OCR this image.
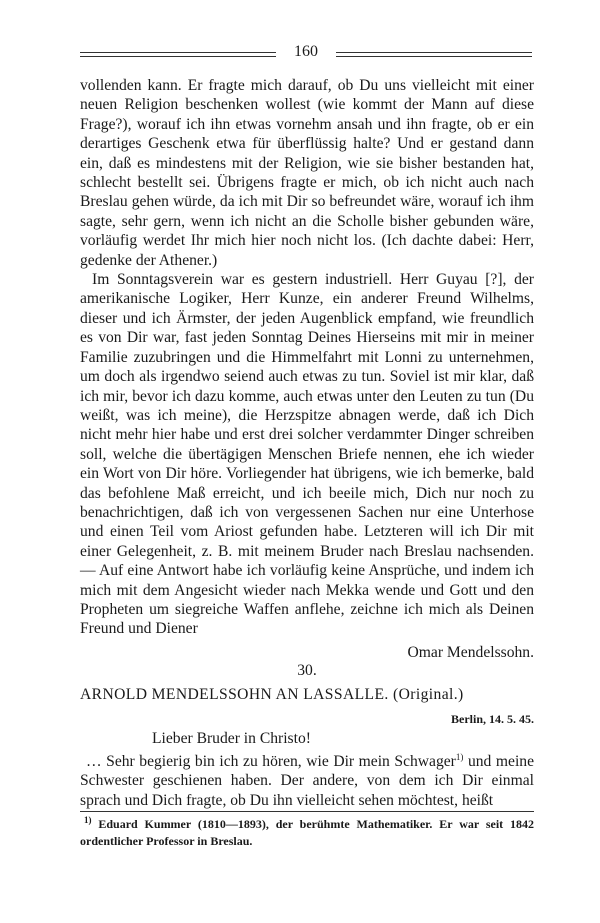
160

vollenden kann. Er fragte mich darauf, ob Du uns vielleicht mit einer neuen Religion beschenken wollest (wie kommt der Mann auf diese Frage?), worauf ich ihn etwas vornehm ansah und ihn fragte, ob er ein derartiges Geschenk etwa für überflüssig halte? Und er gestand dann ein, daß es mindestens mit der Religion, wie sie bisher bestanden hat, schlecht bestellt sei. Übrigens fragte er mich, ob ich nicht auch nach Breslau gehen würde, da ich mit Dir so befreundet wäre, worauf ich ihm sagte, sehr gern, wenn ich nicht an die Scholle bisher gebunden wäre, vorläufig werdet Ihr mich hier noch nicht los. (Ich dachte dabei: Herr, gedenke der Athener.)

Im Sonntagsverein war es gestern industriell. Herr Guyau [?], der amerikanische Logiker, Herr Kunze, ein anderer Freund Wilhelms, dieser und ich Ärmster, der jeden Augenblick empfand, wie freundlich es von Dir war, fast jeden Sonntag Deines Hierseins mit mir in meiner Familie zuzubringen und die Himmelfahrt mit Lonni zu unternehmen, um doch als irgendwo seiend auch etwas zu tun. Soviel ist mir klar, daß ich mir, bevor ich dazu komme, auch etwas unter den Leuten zu tun (Du weißt, was ich meine), die Herzspitze abnagen werde, daß ich Dich nicht mehr hier habe und erst drei solcher verdammter Dinger schreiben soll, welche die übertägigen Menschen Briefe nennen, ehe ich wieder ein Wort von Dir höre. Vorliegender hat übrigens, wie ich bemerke, bald das befohlene Maß erreicht, und ich beeile mich, Dich nur noch zu benachrichtigen, daß ich von vergessenen Sachen nur eine Unterhose und einen Teil vom Ariost gefunden habe. Letzteren will ich Dir mit einer Gelegenheit, z. B. mit meinem Bruder nach Breslau nachsenden. — Auf eine Antwort habe ich vorläufig keine Ansprüche, und indem ich mich mit dem Angesicht wieder nach Mekka wende und Gott und den Propheten um siegreiche Waffen anflehe, zeichne ich mich als Deinen Freund und Diener

Omar Mendelssohn.

30.
ARNOLD MENDELSSOHN AN LASSALLE. (Original.)
Berlin, 14. 5. 45.
Lieber Bruder in Christo!

… Sehr begierig bin ich zu hören, wie Dir mein Schwager$^{1)}$ und meine Schwester geschienen haben. Der andere, von dem ich Dir einmal sprach und Dich fragte, ob Du ihn vielleicht sehen möchtest, heißt

$^{1)}$ Eduard Kummer (1810—1893), der berühmte Mathematiker. Er war seit 1842 ordentlicher Professor in Breslau.
